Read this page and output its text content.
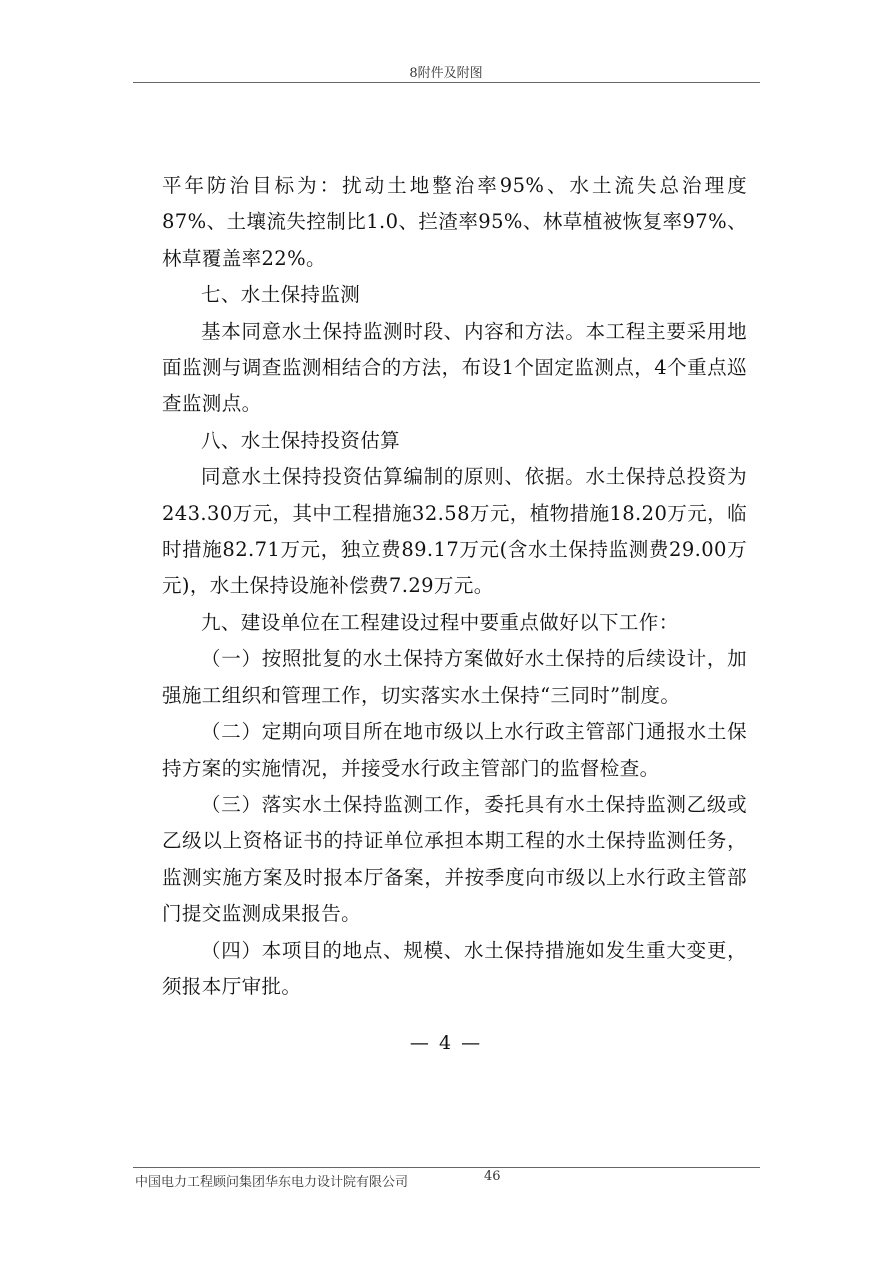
8附件及附图

平年防治目标为：扰动土地整治率95%、水土流失总治理度87%、土壤流失控制比1.0、拦渣率95%、林草植被恢复率97%、林草覆盖率22%。

七、水土保持监测

基本同意水土保持监测时段、内容和方法。本工程主要采用地面监测与调查监测相结合的方法，布设1个固定监测点，4个重点巡查监测点。

八、水土保持投资估算

同意水土保持投资估算编制的原则、依据。水土保持总投资为243.30万元，其中工程措施32.58万元，植物措施18.20万元，临时措施82.71万元，独立费89.17万元(含水土保持监测费29.00万元)，水土保持设施补偿费7.29万元。

九、建设单位在工程建设过程中要重点做好以下工作：

（一）按照批复的水土保持方案做好水土保持的后续设计，加强施工组织和管理工作，切实落实水土保持“三同时”制度。

（二）定期向项目所在地市级以上水行政主管部门通报水土保持方案的实施情况，并接受水行政主管部门的监督检查。

（三）落实水土保持监测工作，委托具有水土保持监测乙级或乙级以上资格证书的持证单位承担本期工程的水土保持监测任务，监测实施方案及时报本厅备案，并按季度向市级以上水行政主管部门提交监测成果报告。

（四）本项目的地点、规模、水土保持措施如发生重大变更，须报本厅审批。

— 4 —
中国电力工程顾问集团华东电力设计院有限公司	46
